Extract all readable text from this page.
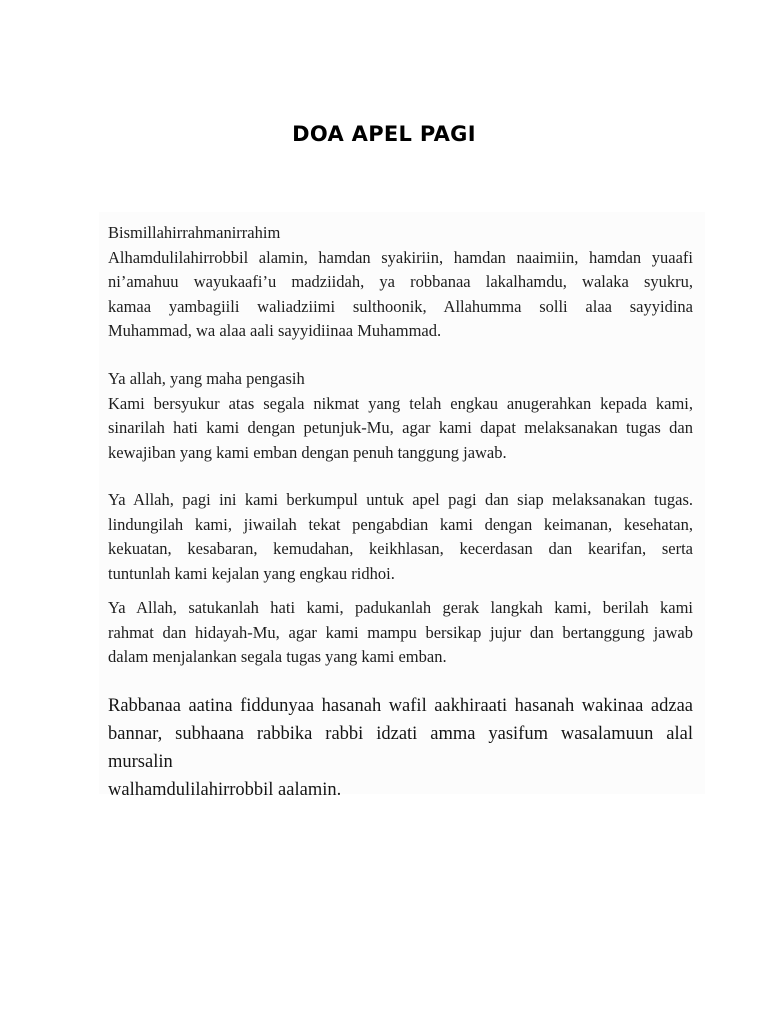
DOA APEL PAGI
Bismillahirrahmanirrahim
Alhamdulilahirrobbil alamin, hamdan syakiriin, hamdan naaimiin, hamdan yuaafi
ni’amahuu wayukaafi’u madziidah, ya robbanaa lakalhamdu, walaka syukru,
kamaa yambagiili waliadziimi sulthoonik, Allahumma solli alaa sayyidina
Muhammad, wa alaa aali sayyidiinaa Muhammad.
Ya allah, yang maha pengasih
Kami bersyukur atas segala nikmat yang telah engkau anugerahkan kepada kami,
sinarilah hati kami dengan petunjuk-Mu, agar kami dapat melaksanakan tugas dan
kewajiban yang kami emban dengan penuh tanggung jawab.
Ya Allah, pagi ini kami berkumpul untuk apel pagi dan siap melaksanakan tugas.
lindungilah kami, jiwailah tekat pengabdian kami dengan keimanan, kesehatan,
kekuatan, kesabaran, kemudahan, keikhlasan, kecerdasan dan kearifan, serta
tuntunlah kami kejalan yang engkau ridhoi.
Ya Allah, satukanlah hati kami, padukanlah gerak langkah kami, berilah kami
rahmat dan hidayah-Mu, agar kami mampu bersikap jujur dan bertanggung jawab
dalam menjalankan segala tugas yang kami emban.
Rabbanaa aatina fiddunyaa hasanah wafil aakhiraati hasanah wakinaa adzaa
bannar, subhaana rabbika rabbi idzati amma yasifum wasalamuun alal mursalin
walhamdulilahirrobbil aalamin.
